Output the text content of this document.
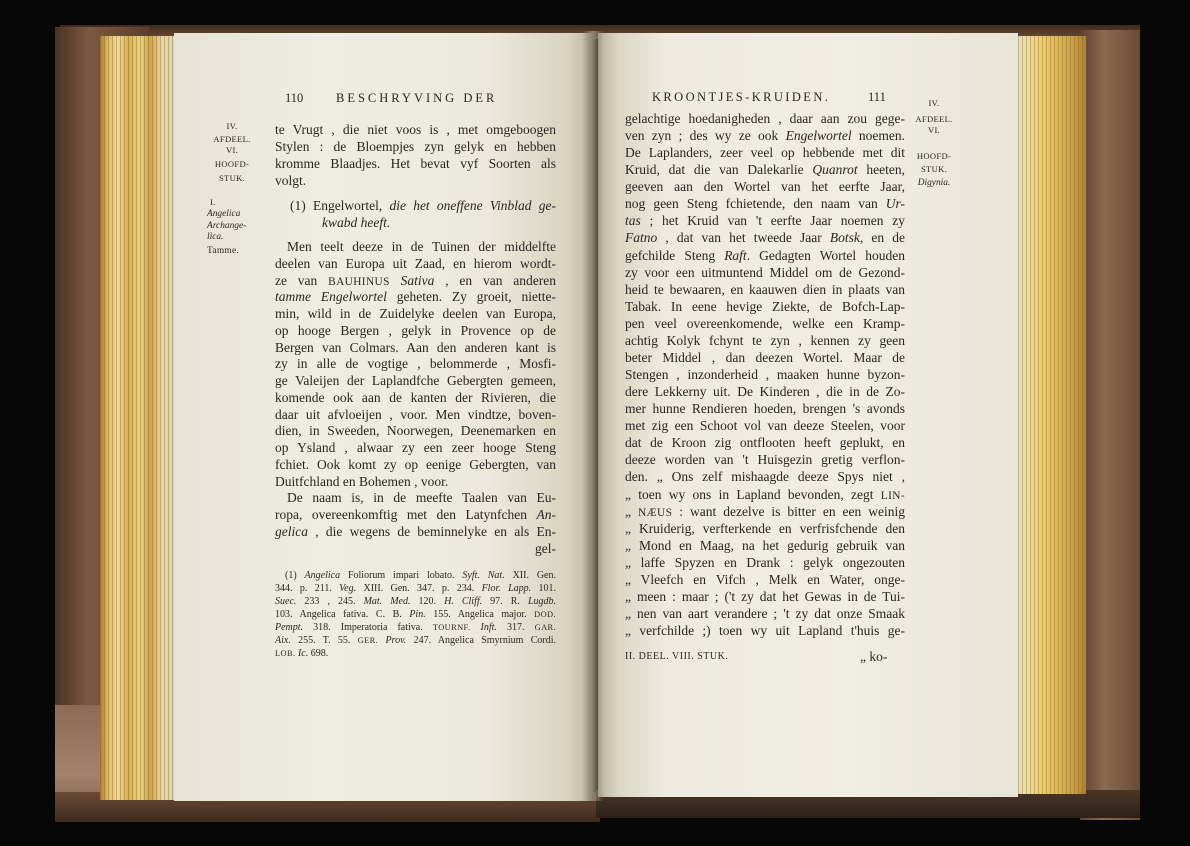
110	BESCHRYVING DER
IV.
AFDEEL.
VI.
HOOFD-
STUK.
I.
Angelica
Archange-
lica.
Tamme.
te Vrugt , die niet voos is , met omgeboogen
Stylen : de Bloempjes zyn gelyk en hebben
kromme Blaadjes. Het bevat vyf Soorten als
volgt.
(1) Engelwortel, die het oneffene Vinblad ge-
kwabd heeft.
Men teelt deeze in de Tuinen der middelfte
deelen van Europa uit Zaad, en hierom wordt-
ze van BAUHINUS Sativa , en van anderen
tamme Engelwortel geheten. Zy groeit, niette-
min, wild in de Zuidelyke deelen van Europa,
op hooge Bergen , gelyk in Provence op de
Bergen van Colmars. Aan den anderen kant is
zy in alle de vogtige , belommerde , Mosfi-
ge Valeijen der Laplandfche Gebergten gemeen,
komende ook aan de kanten der Rivieren, die
daar uit afvloeijen , voor. Men vindtze, boven-
dien, in Sweeden, Noorwegen, Deenemarken en
op Ysland , alwaar zy een zeer hooge Steng
fchiet. Ook komt zy op eenige Gebergten, van
Duitfchland en Bohemen , voor.
De naam is, in de meefte Taalen van Eu-
ropa, overeenkomftig met den Latynfchen An-
gelica , die wegens de beminnelyke en als En-
gel-
(1) Angelica Foliorum impari lobato. Syft. Nat. XII. Gen.
344. p. 211. Veg. XIII. Gen. 347. p. 234. Flor. Lapp. 101.
Suec. 233 , 245. Mat. Med. 120. H. Cliff. 97. R. Lugdb.
103. Angelica fativa. C. B. Pin. 155. Angelica major. DOD.
Pempt. 318. Imperatoria fativa. TOURNF. Inft. 317. GAR.
Aix. 255. T. 55. GER. Prov. 247. Angelica Smyrnium Cordi.
LOB. Ic. 698.
KROONTJES-KRUIDEN.	111	IV.
AFDEEL.
VI.
HOOFD-
STUK.
Digynia.
gelachtige hoedanigheden , daar aan zou gege-
ven zyn ; des wy ze ook Engelwortel noemen.
De Laplanders, zeer veel op hebbende met dit
Kruid, dat die van Dalekarlie Quanrot heeten,
geeven aan den Wortel van het eerfte Jaar,
nog geen Steng fchietende, den naam van Ur-
tas ; het Kruid van 't eerfte Jaar noemen zy
Fatno , dat van het tweede Jaar Botsk, en de
gefchilde Steng Raft. Gedagten Wortel houden
zy voor een uitmuntend Middel om de Gezond-
heid te bewaaren, en kaauwen dien in plaats van
Tabak. In eene hevige Ziekte, de Bofch-Lap-
pen veel overeenkomende, welke een Kramp-
achtig Kolyk fchynt te zyn , kennen zy geen
beter Middel , dan deezen Wortel. Maar de
Stengen , inzonderheid , maaken hunne byzon-
dere Lekkerny uit. De Kinderen , die in de Zo-
mer hunne Rendieren hoeden, brengen 's avonds
met zig een Schoot vol van deeze Steelen, voor
dat de Kroon zig ontflooten heeft geplukt, en
deeze worden van 't Huisgezin gretig verflon-
den. „ Ons zelf mishaagde deeze Spys niet ,
„ toen wy ons in Lapland bevonden, zegt LIN-
„ NÆUS : want dezelve is bitter en een weinig
„ Kruiderig, verfterkende en verfrisfchende den
„ Mond en Maag, na het gedurig gebruik van
„ laffe Spyzen en Drank : gelyk ongezouten
„ Vleefch en Vifch , Melk en Water, onge-
„ meen : maar ; ('t zy dat het Gewas in de Tui-
„ nen van aart verandere ; 't zy dat onze Smaak
„ verfchilde ;) toen wy uit Lapland t'huis ge-
II. DEEL. VIII. STUK.	„ ko-
